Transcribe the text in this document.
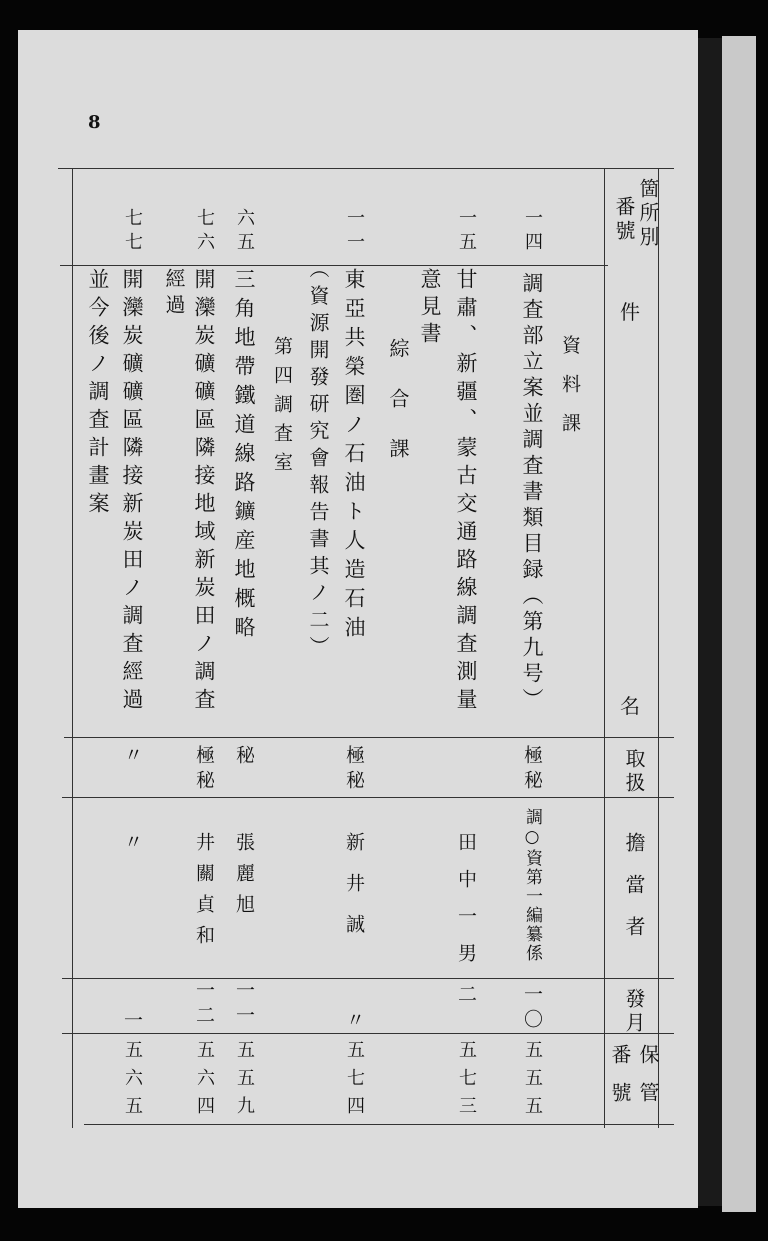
8
箇所別
番號
件
名
取扱
擔當者
發月
保管
番號
一四
調査部立案並調査書類目録（第九号）
極秘
調○資第一編纂係
一〇
五五五
資料課
一五
甘肅、新疆、蒙古交通路線調査測量
田中一男
二
五七三
意見書
綜合課
一一
東亞共榮圏ノ石油ト人造石油
極秘
新井誠
〃
五七四
（資源開發研究會報告書其ノ二）
第四調査室
六五
三角地帶鐵道線路鑛産地概略
秘
張麗旭
一一
五五九
七六
開灤炭礦礦區隣接地域新炭田ノ調査
極秘
井關貞和
一二
五六四
經過
七七
開灤炭礦礦區隣接新炭田ノ調査經過
〃
〃
一
五六五
並今後ノ調査計畫案
